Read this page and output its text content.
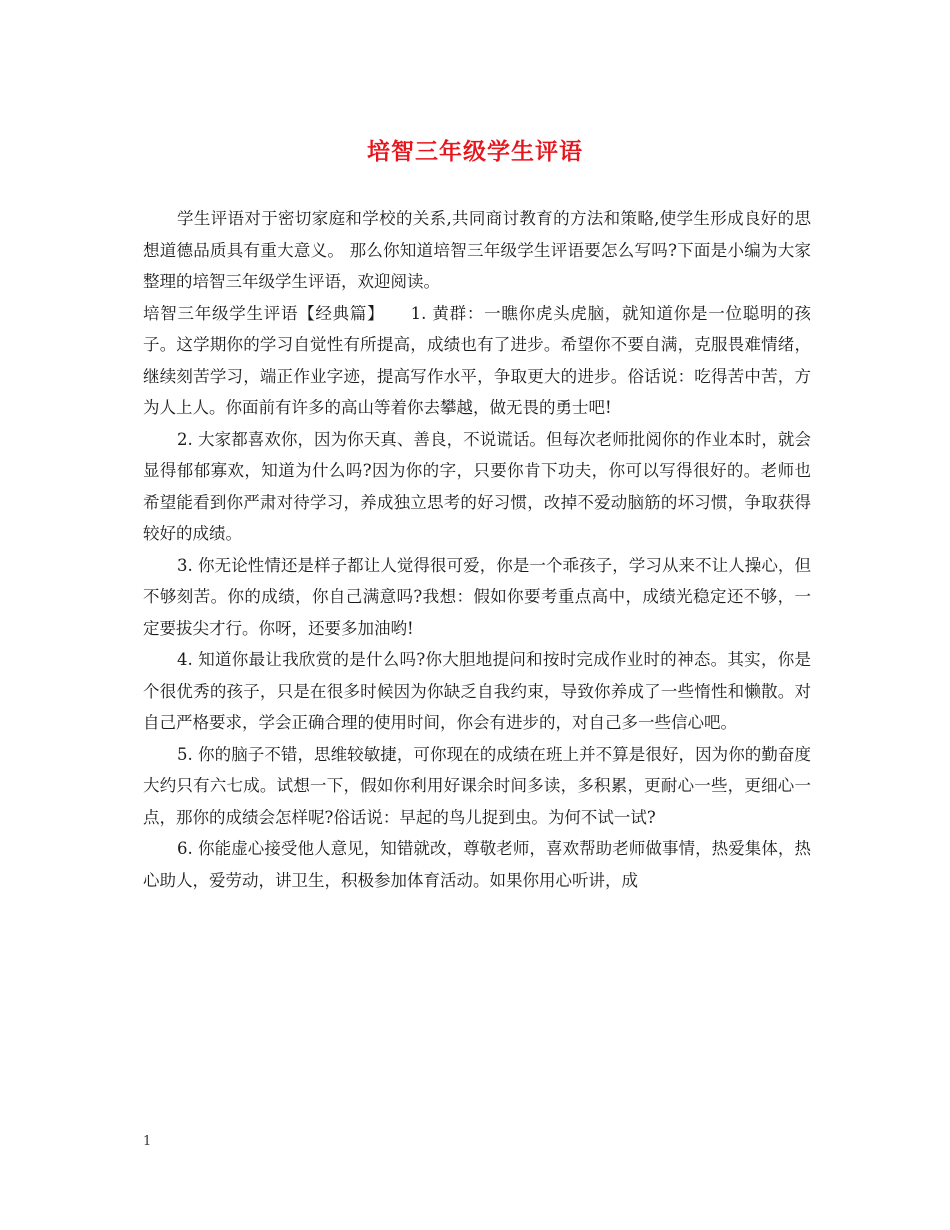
培智三年级学生评语

学生评语对于密切家庭和学校的关系,共同商讨教育的方法和策略,使学生形成良好的思想道德品质具有重大意义。 那么你知道培智三年级学生评语要怎么写吗?下面是小编为大家整理的培智三年级学生评语，欢迎阅读。

培智三年级学生评语【经典篇】　　1. 黄群：一瞧你虎头虎脑，就知道你是一位聪明的孩子。这学期你的学习自觉性有所提高，成绩也有了进步。希望你不要自满，克服畏难情绪，继续刻苦学习，端正作业字迹，提高写作水平，争取更大的进步。俗话说：吃得苦中苦，方为人上人。你面前有许多的高山等着你去攀越，做无畏的勇士吧!

2. 大家都喜欢你，因为你天真、善良，不说谎话。但每次老师批阅你的作业本时，就会显得郁郁寡欢，知道为什么吗?因为你的字，只要你肯下功夫，你可以写得很好的。老师也希望能看到你严肃对待学习，养成独立思考的好习惯，改掉不爱动脑筋的坏习惯，争取获得较好的成绩。

3. 你无论性情还是样子都让人觉得很可爱，你是一个乖孩子，学习从来不让人操心，但不够刻苦。你的成绩，你自己满意吗?我想：假如你要考重点高中，成绩光稳定还不够，一定要拔尖才行。你呀，还要多加油哟!

4. 知道你最让我欣赏的是什么吗?你大胆地提问和按时完成作业时的神态。其实，你是个很优秀的孩子，只是在很多时候因为你缺乏自我约束，导致你养成了一些惰性和懒散。对自己严格要求，学会正确合理的使用时间，你会有进步的，对自己多一些信心吧。

5. 你的脑子不错，思维较敏捷，可你现在的成绩在班上并不算是很好，因为你的勤奋度大约只有六七成。试想一下，假如你利用好课余时间多读，多积累，更耐心一些，更细心一点，那你的成绩会怎样呢?俗话说：早起的鸟儿捉到虫。为何不试一试?

6. 你能虚心接受他人意见，知错就改，尊敬老师，喜欢帮助老师做事情，热爱集体，热心助人，爱劳动，讲卫生，积极参加体育活动。如果你用心听讲，成

1
